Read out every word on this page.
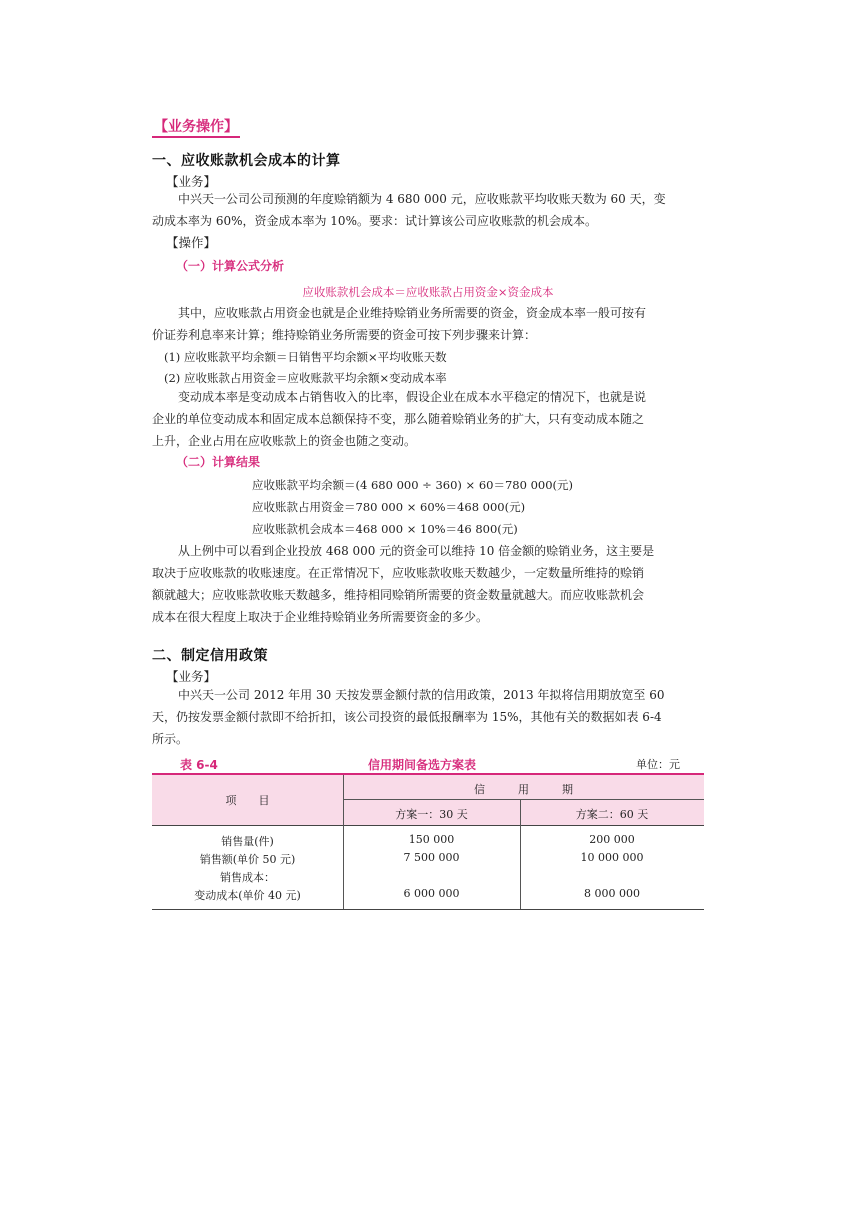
【业务操作】
一、应收账款机会成本的计算
【业务】
中兴天一公司公司预测的年度赊销额为 4 680 000 元，应收账款平均收账天数为 60 天，变
动成本率为 60%，资金成本率为 10%。要求：试计算该公司应收账款的机会成本。
【操作】
（一）计算公式分析
应收账款机会成本＝应收账款占用资金×资金成本
其中，应收账款占用资金也就是企业维持赊销业务所需要的资金，资金成本率一般可按有
价证券利息率来计算；维持赊销业务所需要的资金可按下列步骤来计算：
(1) 应收账款平均余额＝日销售平均余额×平均收账天数
(2) 应收账款占用资金＝应收账款平均余额×变动成本率
变动成本率是变动成本占销售收入的比率，假设企业在成本水平稳定的情况下，也就是说
企业的单位变动成本和固定成本总额保持不变，那么随着赊销业务的扩大，只有变动成本随之
上升，企业占用在应收账款上的资金也随之变动。
（二）计算结果
应收账款平均余额＝(4 680 000 ÷ 360) × 60＝780 000(元)
应收账款占用资金＝780 000 × 60%＝468 000(元)
应收账款机会成本＝468 000 × 10%＝46 800(元)
从上例中可以看到企业投放 468 000 元的资金可以维持 10 倍金额的赊销业务，这主要是
取决于应收账款的收账速度。在正常情况下，应收账款收账天数越少，一定数量所维持的赊销
额就越大；应收账款收账天数越多，维持相同赊销所需要的资金数量就越大。而应收账款机会
成本在很大程度上取决于企业维持赊销业务所需要资金的多少。
二、制定信用政策
【业务】
中兴天一公司 2012 年用 30 天按发票金额付款的信用政策，2013 年拟将信用期放宽至 60
天，仍按发票金额付款即不给折扣，该公司投资的最低报酬率为 15%，其他有关的数据如表 6-4
所示。
表 6-4	信用期间备选方案表	单位：元
项　　目
信　　　用　　　期
方案一：30 天	方案二：60 天
销售量(件)	150 000	200 000
销售额(单价 50 元)	7 500 000	10 000 000
销售成本：
变动成本(单价 40 元)	6 000 000	8 000 000
